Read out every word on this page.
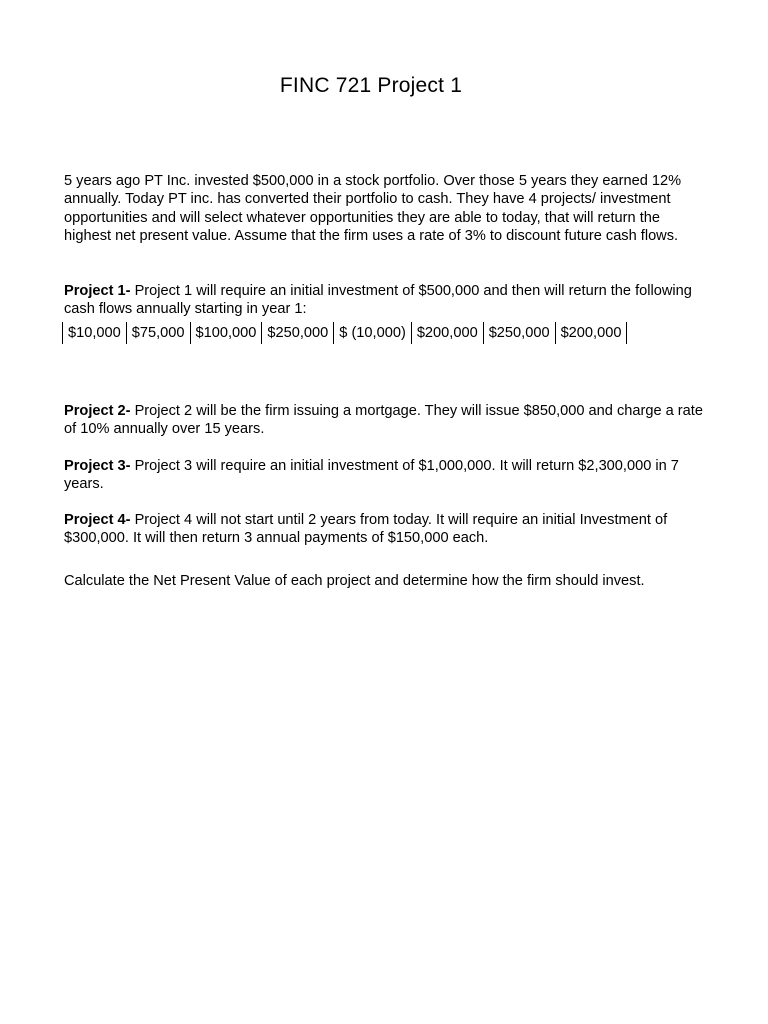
FINC 721 Project 1

5 years ago PT Inc. invested $500,000 in a stock portfolio. Over those 5 years they earned 12% annually. Today PT inc. has converted their portfolio to cash. They have 4 projects/ investment opportunities and will select whatever opportunities they are able to today, that will return the highest net present value. Assume that the firm uses a rate of 3% to discount future cash flows.

Project 1- Project 1 will require an initial investment of $500,000 and then will return the following cash flows annually starting in year 1:

$10,000 $75,000 $100,000 $250,000 $ (10,000) $200,000 $250,000 $200,000

Project 2- Project 2 will be the firm issuing a mortgage. They will issue $850,000 and charge a rate of 10% annually over 15 years.

Project 3- Project 3 will require an initial investment of $1,000,000. It will return $2,300,000 in 7 years.

Project 4- Project 4 will not start until 2 years from today. It will require an initial Investment of $300,000. It will then return 3 annual payments of $150,000 each.

Calculate the Net Present Value of each project and determine how the firm should invest.
